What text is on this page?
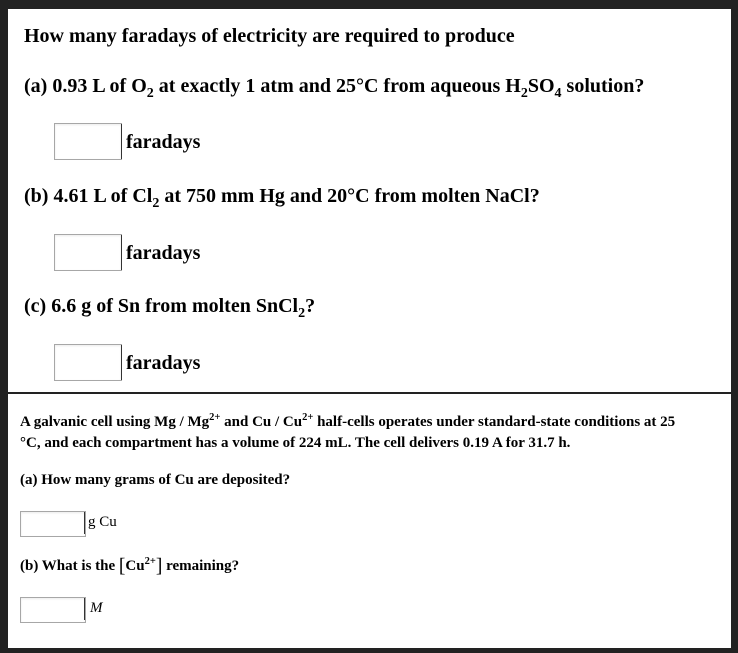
How many faradays of electricity are required to produce
(a) 0.93 L of $O_2$ at exactly 1 atm and 25°C from aqueous $H_2SO_4$ solution?
faradays
(b) 4.61 L of $Cl_2$ at 750 mm Hg and 20°C from molten NaCl?
faradays
(c) 6.6 g of Sn from molten SnCl$_2$?
faradays
A galvanic cell using Mg / $Mg^{2+}$ and Cu / $Cu^{2+}$ half-cells operates under standard-state conditions at 25
°C, and each compartment has a volume of 224 mL. The cell delivers 0.19 A for 31.7 h.
(a) How many grams of Cu are deposited?
g Cu
(b) What is the $[Cu^{2+}]$ remaining?
M
